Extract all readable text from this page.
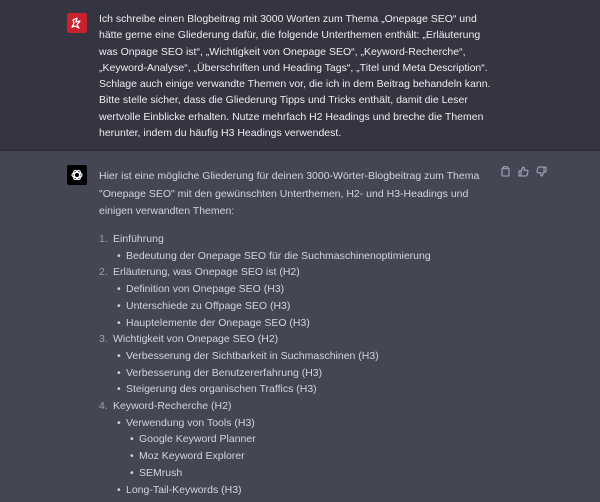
Ich schreibe einen Blogbeitrag mit 3000 Worten zum Thema „Onepage SEO“ und hätte gerne eine Gliederung dafür, die folgende Unterthemen enthält: „Erläuterung was Onpage SEO ist“, „Wichtigkeit von Onepage SEO“, „Keyword-Recherche“, „Keyword-Analyse“, „Überschriften und Heading Tags“, „Titel und Meta Description“. Schlage auch einige verwandte Themen vor, die ich in dem Beitrag behandeln kann. Bitte stelle sicher, dass die Gliederung Tipps und Tricks enthält, damit die Leser wertvolle Einblicke erhalten. Nutze mehrfach H2 Headings und breche die Themen herunter, indem du häufig H3 Headings verwendest.
Hier ist eine mögliche Gliederung für deinen 3000-Wörter-Blogbeitrag zum Thema "Onepage SEO" mit den gewünschten Unterthemen, H2- und H3-Headings und einigen verwandten Themen:
1. Einführung
• Bedeutung der Onepage SEO für die Suchmaschinenoptimierung
2. Erläuterung, was Onepage SEO ist (H2)
• Definition von Onepage SEO (H3)
• Unterschiede zu Offpage SEO (H3)
• Hauptelemente der Onepage SEO (H3)
3. Wichtigkeit von Onepage SEO (H2)
• Verbesserung der Sichtbarkeit in Suchmaschinen (H3)
• Verbesserung der Benutzererfahrung (H3)
• Steigerung des organischen Traffics (H3)
4. Keyword-Recherche (H2)
• Verwendung von Tools (H3)
• Google Keyword Planner
• Moz Keyword Explorer
• SEMrush
• Long-Tail-Keywords (H3)
